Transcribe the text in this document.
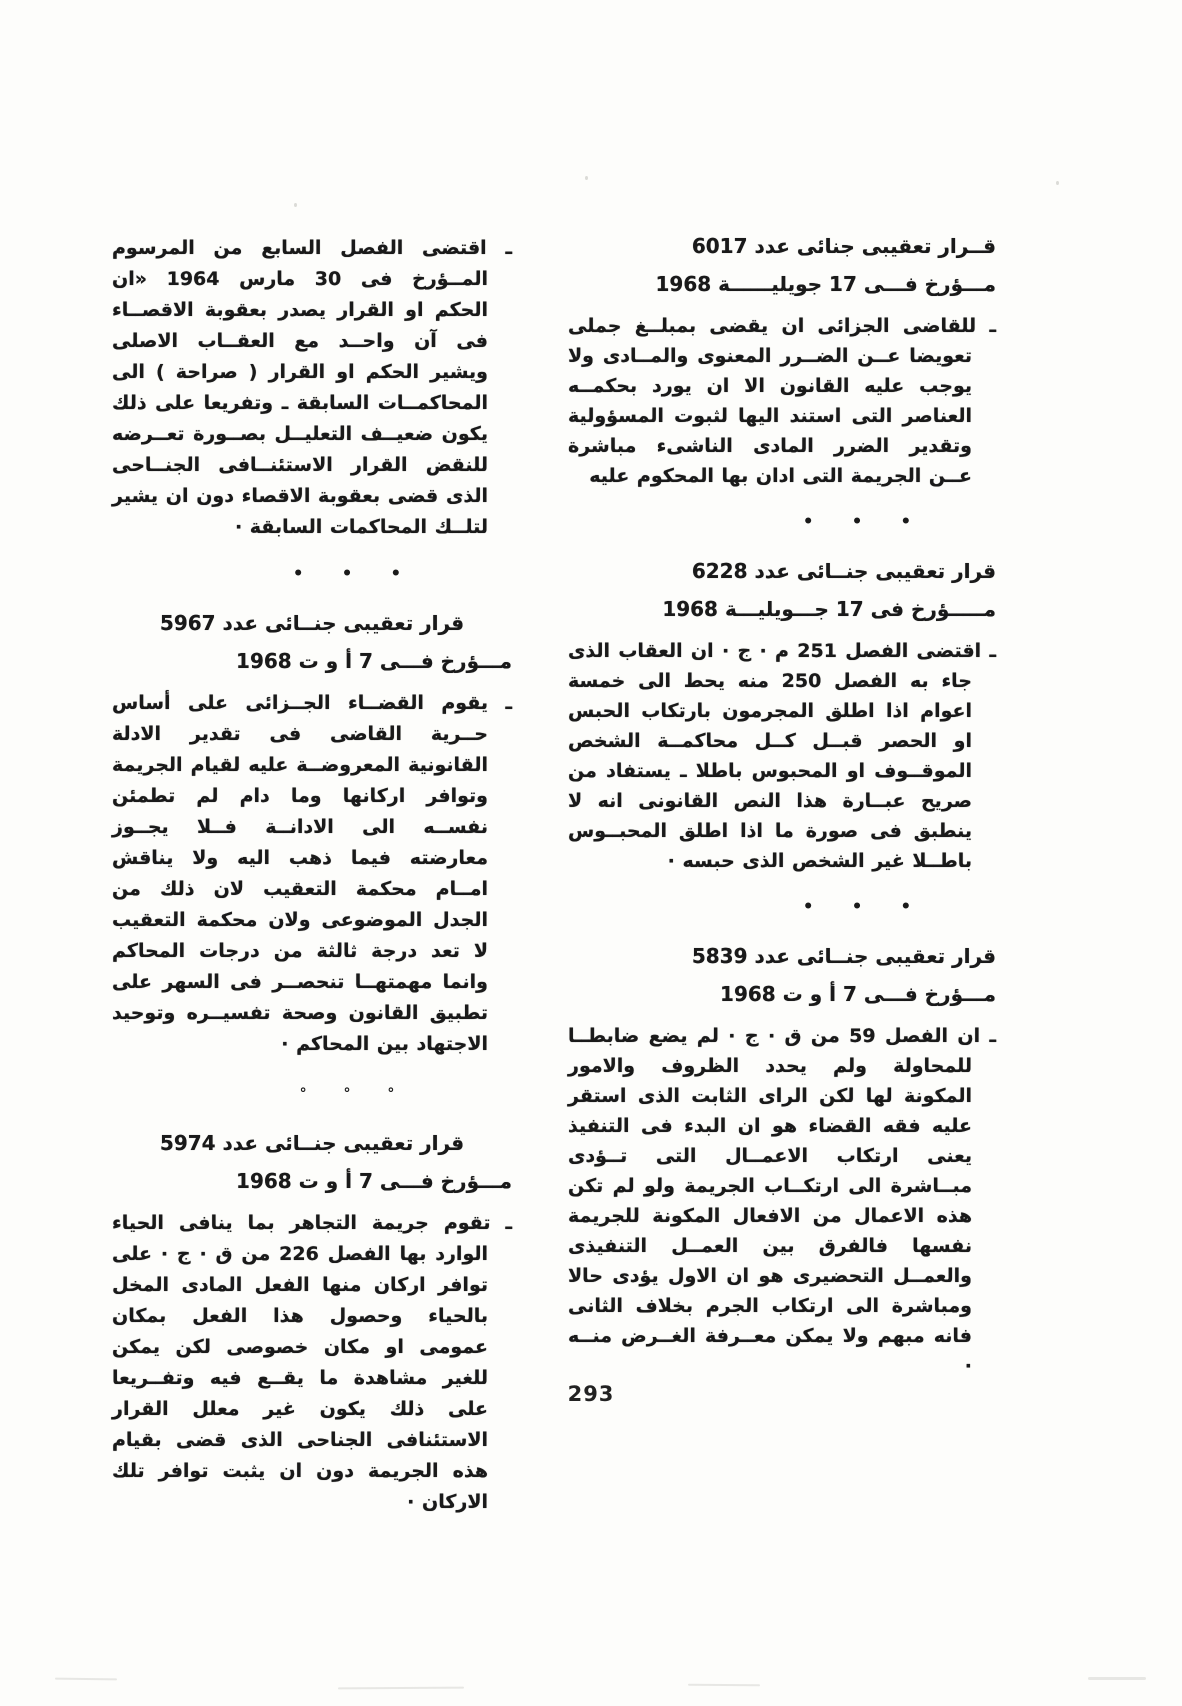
قــرار تعقيبى جنائى عدد 6017
مـــؤرخ فـــى 17 جويليــــــة 1968

ـ للقاضى الجزائى ان يقضى بمبلــغ جملى تعويضا عــن الضــرر المعنوى والمــادى ولا يوجب عليه القانون الا ان يورد بحكمــه العناصر التى استند اليها لثبوت المسؤولية وتقدير الضرر المادى الناشىء مباشرة عــن الجريمة التى ادان بها المحكوم عليه

• • •
قرار تعقيبى جنــائى عدد 6228
مـــــؤرخ فى 17 جـــويليـــة 1968

ـ اقتضى الفصل 251 م · ج · ان العقاب الذى جاء به الفصل 250 منه يحط الى خمسة اعوام اذا اطلق المجرمون بارتكاب الحبس او الحصر قبــل كــل محاكمــة الشخص الموقــوف او المحبوس باطلا ـ يستفاد من صريح عبــارة هذا النص القانونى انه لا ينطبق فى صورة ما اذا اطلق المحبــوس باطــلا غير الشخص الذى حبسه ·

• • •
قرار تعقيبى جنــائى عدد 5839
مـــؤرخ فـــى 7 أ و ت 1968

ـ ان الفصل 59 من ق · ج · لم يضع ضابطــا للمحاولة ولم يحدد الظروف والامور المكونة لها لكن الراى الثابت الذى استقر عليه فقه القضاء هو ان البدء فى التنفيذ يعنى ارتكاب الاعمــال التى تــؤدى مبــاشرة الى ارتكــاب الجريمة ولو لم تكن هذه الاعمال من الافعال المكونة للجريمة نفسها فالفرق بين العمــل التنفيذى والعمــل التحضيرى هو ان الاول يؤدى حالا ومباشرة الى ارتكاب الجرم بخلاف الثانى فانه مبهم ولا يمكن معــرفة الغــرض منــه ·

ـ اقتضى الفصل السابع من المرسوم المــؤرخ فى 30 مارس 1964 «ان الحكم او القرار يصدر بعقوبة الاقصــاء فى آن واحــد مع العقــاب الاصلى ويشير الحكم او القرار ( صراحة ) الى المحاكمــات السابقة ـ وتفريعا على ذلك يكون ضعيــف التعليــل بصــورة تعــرضه للنقض القرار الاستئنــافى الجنــاحى الذى قضى بعقوبة الاقصاء دون ان يشير لتلــك المحاكمات السابقة ·

• • •
قرار تعقيبى جنــائى عدد 5967
مـــؤرخ فـــى 7 أ و ت 1968

ـ يقوم القضــاء الجــزائى على أساس حــرية القاضى فى تقدير الادلة القانونية المعروضــة عليه لقيام الجريمة وتوافر اركانها وما دام لم تطمئن نفســه الى الادانــة فــلا يجــوز معارضته فيما ذهب اليه ولا يناقش امــام محكمة التعقيب لان ذلك من الجدل الموضوعى ولان محكمة التعقيب لا تعد درجة ثالثة من درجات المحاكم وانما مهمتهــا تنحصــر فى السهر على تطبيق القانون وصحة تفسيــره وتوحيد الاجتهاد بين المحاكم ·

° ° °
قرار تعقيبى جنــائى عدد 5974
مـــؤرخ فـــى 7 أ و ت 1968

ـ تقوم جريمة التجاهر بما ينافى الحياء الوارد بها الفصل 226 من ق · ج · على توافر اركان منها الفعل المادى المخل بالحياء وحصول هذا الفعل بمكان عمومى او مكان خصوصى لكن يمكن للغير مشاهدة ما يقــع فيه وتفــريعا على ذلك يكون غير معلل القرار الاستئنافى الجناحى الذى قضى بقيام هذه الجريمة دون ان يثبت توافر تلك الاركان ·

293
